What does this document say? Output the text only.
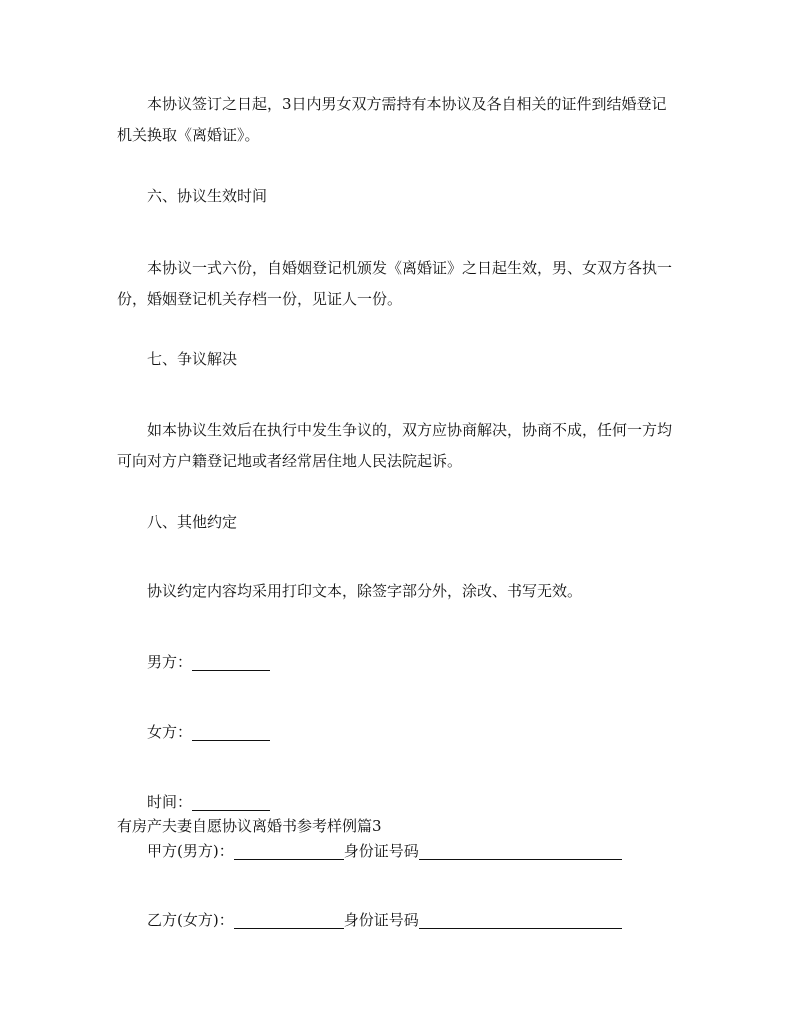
本协议签订之日起，3日内男女双方需持有本协议及各自相关的证件到结婚登记机关换取《离婚证》。

六、协议生效时间

本协议一式六份，自婚姻登记机颁发《离婚证》之日起生效，男、女双方各执一份，婚姻登记机关存档一份，见证人一份。

七、争议解决

如本协议生效后在执行中发生争议的，双方应协商解决，协商不成，任何一方均可向对方户籍登记地或者经常居住地人民法院起诉。

八、其他约定

协议约定内容均采用打印文本，除签字部分外，涂改、书写无效。

男方：
女方：
时间：

有房产夫妻自愿协议离婚书参考样例篇3

甲方(男方)：	身份证号码
乙方(女方)：	身份证号码
